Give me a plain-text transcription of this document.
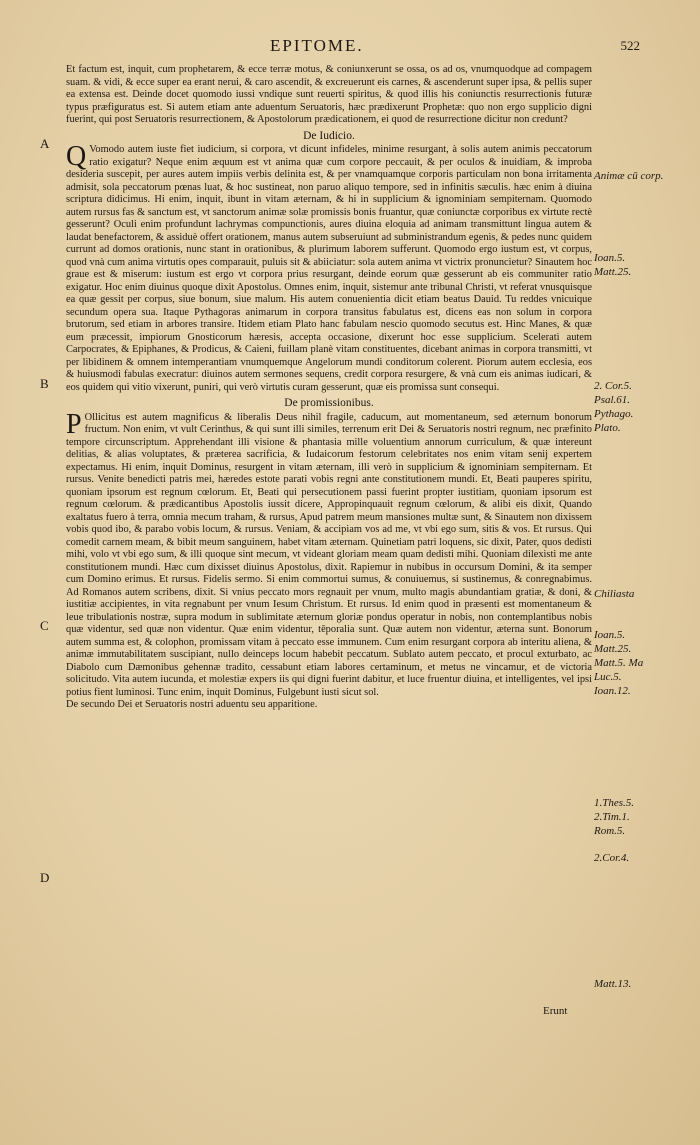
EPITOME.	522

Et factum est, inquit, cum prophetarem, & ecce terræ motus, & coniunxerunt se ossa, os ad os, vnumquodque ad compagem suam. & vidi, & ecce super ea erant nerui, & caro ascendit, & excreuerunt eis carnes, & ascenderunt super ipsa, & pellis super ea extensa est. Deinde docet quomodo iussi vndique sunt reuerti spiritus, & quod illis his coniunctis resurrectionis futuræ typus præfiguratus est. Si autem etiam ante aduentum Seruatoris, hæc prædixerunt Prophetæ: quo non ergo supplicio digni fuerint, qui post Seruatoris resurrectionem, & Apostolorum prædicationem, ei quod de resurrectione dicitur non credunt?

De Iudicio.

Q Vomodo autem iuste fiet iudicium, si corpora, vt dicunt infideles, minime resurgant, à solis autem animis peccatorum ratio exigatur? Neque enim æquum est vt anima quæ cum corpore peccauit, & per oculos & inuidiam, & improba desideria suscepit, per aures autem impiis verbis delinita est, & per vnamquamque corporis particulam non bona irritamenta admisit, sola peccatorum pœnas luat, & hoc sustineat, non paruo aliquo tempore, sed in infinitis sæculis. hæc enim à diuina scriptura didicimus. Hi enim, inquit, ibunt in vitam æternam, & hi in supplicium & ignominiam sempiternam. Quomodo autem rursus fas & sanctum est, vt sanctorum animæ solæ promissis bonis fruantur, quæ coniunctæ corporibus ex virtute rectè gesserunt? Oculi enim profundunt lachrymas compunctionis, aures diuina eloquia ad animam transmittunt lingua autem & laudat benefactorem, & assiduè offert orationem, manus autem subseruiunt ad subministrandum egenis, & pedes nunc quidem currunt ad domos orationis, nunc stant in orationibus, & plurimum laborem sufferunt. Quomodo ergo iustum est, vt corpus, quod vnà cum anima virtutis opes comparauit, puluis sit & abiiciatur: sola autem anima vt victrix pronuncietur? Sinautem hoc graue est & miserum: iustum est ergo vt corpora prius resurgant, deinde eorum quæ gesserunt ab eis communiter ratio exigatur. Hoc enim diuinus quoque dixit Apostolus. Omnes enim, inquit, sistemur ante tribunal Christi, vt referat vnusquisque ea quæ gessit per corpus, siue bonum, siue malum. His autem conuenientia dicit etiam beatus Dauid. Tu reddes vnicuique secundum opera sua. Itaque Pythagoras animarum in corpora transitus fabulatus est, dicens eas non solum in corpora brutorum, sed etiam in arbores transire. Itidem etiam Plato hanc fabulam nescio quomodo secutus est. Hinc Manes, & quæ eum præcessit, impiorum Gnosticorum hæresis, accepta occasione, dixerunt hoc esse supplicium. Scelerati autem Carpocrates, & Epiphanes, & Prodicus, & Caieni, fuillam planè vitam constituentes, dicebant animas in corpora transmitti, vt per libidinem & omnem intemperantiam vnumquemque Angelorum mundi conditorum colerent. Piorum autem ecclesia, eos & huiusmodi fabulas execratur: diuinos autem sermones sequens, credit corpora resurgere, & vnà cum eis animas iudicari, & eos quidem qui vitio vixerunt, puniri, qui verò virtutis curam gesserunt, quæ eis promissa sunt consequi.

De promissionibus.

P Ollicitus est autem magnificus & liberalis Deus nihil fragile, caducum, aut momentaneum, sed æternum bonorum fructum. Non enim, vt vult Cerinthus, & qui sunt illi similes, terrenum erit Dei & Seruatoris nostri regnum, nec præfinito tempore circunscriptum. Apprehendant illi visione & phantasia mille voluentium annorum curriculum, & quæ intereunt delitias, & alias voluptates, & præterea sacrificia, & Iudaicorum festorum celebritates nos enim vitam senij expertem expectamus. Hi enim, inquit Dominus, resurgent in vitam æternam, illi verò in supplicium & ignominiam sempiternam. Et rursus. Venite benedicti patris mei, hæredes estote parati vobis regni ante constitutionem mundi. Et, Beati pauperes spiritu, quoniam ipsorum est regnum cœlorum. Et, Beati qui persecutionem passi fuerint propter iustitiam, quoniam ipsorum est regnum cœlorum. & prædicantibus Apostolis iussit dicere, Appropinquauit regnum cœlorum, & alibi eis dixit, Quando exaltatus fuero à terra, omnia mecum traham, & rursus, Apud patrem meum mansiones multæ sunt, & Sinautem non dixissem vobis quod ibo, & parabo vobis locum, & rursus. Veniam, & accipiam vos ad me, vt vbi ego sum, sitis & vos. Et rursus. Qui comedit carnem meam, & bibit meum sanguinem, habet vitam æternam. Quinetiam patri loquens, sic dixit, Pater, quos dedisti mihi, volo vt vbi ego sum, & illi quoque sint mecum, vt videant gloriam meam quam dedisti mihi. Quoniam dilexisti me ante constitutionem mundi. Hæc cum dixisset diuinus Apostolus, dixit. Rapiemur in nubibus in occursum Domini, & ita semper cum Domino erimus. Et rursus. Fidelis sermo. Si enim commortui sumus, & conuiuemus, si sustinemus, & conregnabimus. Ad Romanos autem scribens, dixit. Si vnius peccato mors regnauit per vnum, multo magis abundantiam gratiæ, & doni, & iustitiæ accipientes, in vita regnabunt per vnum Iesum Christum. Et rursus. Id enim quod in præsenti est momentaneum & leue tribulationis nostræ, supra modum in sublimitate æternum gloriæ pondus operatur in nobis, non contemplantibus nobis quæ videntur, sed quæ non videntur. Quæ enim videntur, tēporalia sunt. Quæ autem non videntur, æterna sunt. Bonorum autem summa est, & colophon, promissam vitam à peccato esse immunem. Cum enim resurgant corpora ab interitu aliena, & animæ immutabilitatem suscipiant, nullo deinceps locum habebit peccatum. Sublato autem peccato, et procul exturbato, ac Diabolo cum Dæmonibus gehennæ tradito, cessabunt etiam labores certaminum, et metus ne vincamur, et de victoria solicitudo. Vita autem iucunda, et molestiæ expers iis qui digni fuerint dabitur, et luce fruentur diuina, et intelligentes, vel ipsi potius fient luminosi. Tunc enim, inquit Dominus, Fulgebunt iusti sicut sol.

De secundo Dei et Seruatoris nostri aduentu seu apparitione.

A
B
C
D
Animæ cū corp.
Ioan.5.
Matt.25.
2. Cor.5.
Psal.61.
Pythago.
Plato.
Chiliasta
Ioan.5. Matt.25. Matt.5. Ma Luc.5. Ioan.12.
1.Thes.5. 2.Tim.1. Rom.5.
2.Cor.4.
Matt.13.
Erunt
